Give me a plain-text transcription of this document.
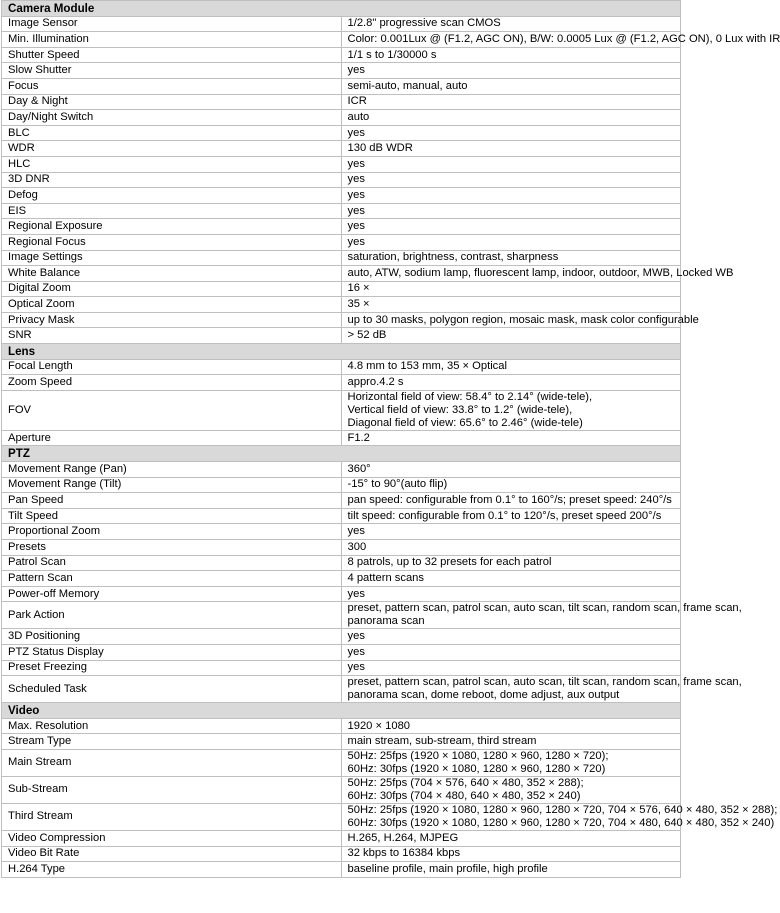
Camera Module	
Image Sensor	1/2.8" progressive scan CMOS
Min. Illumination	Color: 0.001Lux @ (F1.2, AGC ON), B/W: 0.0005 Lux @ (F1.2, AGC ON), 0 Lux with IR
Shutter Speed	1/1 s to 1/30000 s
Slow Shutter	yes
Focus	semi-auto, manual, auto
Day & Night	ICR
Day/Night Switch	auto
BLC	yes
WDR	130 dB WDR
HLC	yes
3D DNR	yes
Defog	yes
EIS	yes
Regional Exposure	yes
Regional Focus	yes
Image Settings	saturation, brightness, contrast, sharpness
White Balance	auto, ATW, sodium lamp, fluorescent lamp, indoor, outdoor, MWB, Locked WB
Digital Zoom	16 ×
Optical Zoom	35 ×
Privacy Mask	up to 30 masks, polygon region, mosaic mask, mask color configurable
SNR	> 52 dB
Lens	
Focal Length	4.8 mm to 153 mm, 35 × Optical
Zoom Speed	appro.4.2 s
FOV	Horizontal field of view: 58.4° to 2.14° (wide-tele),
Vertical field of view: 33.8° to 1.2° (wide-tele),
Diagonal field of view: 65.6° to 2.46° (wide-tele)

Aperture	F1.2
PTZ	
Movement Range (Pan)	360°
Movement Range (Tilt)	-15° to 90°(auto flip)
Pan Speed	pan speed: configurable from 0.1° to 160°/s; preset speed: 240°/s
Tilt Speed	tilt speed: configurable from 0.1° to 120°/s, preset speed 200°/s
Proportional Zoom	yes
Presets	300
Patrol Scan	8 patrols, up to 32 presets for each patrol
Pattern Scan	4 pattern scans
Power-off Memory	yes
Park Action	preset, pattern scan, patrol scan, auto scan, tilt scan, random scan, frame scan,
panorama scan

3D Positioning	yes
PTZ Status Display	yes
Preset Freezing	yes
Scheduled Task	preset, pattern scan, patrol scan, auto scan, tilt scan, random scan, frame scan,
panorama scan, dome reboot, dome adjust, aux output

Video	
Max. Resolution	1920 × 1080
Stream Type	main stream, sub-stream, third stream
Main Stream	50Hz: 25fps (1920 × 1080, 1280 × 960, 1280 × 720);
60Hz: 30fps (1920 × 1080, 1280 × 960, 1280 × 720)

Sub-Stream	50Hz: 25fps (704 × 576, 640 × 480, 352 × 288);
60Hz: 30fps (704 × 480, 640 × 480, 352 × 240)

Third Stream	50Hz: 25fps (1920 × 1080, 1280 × 960, 1280 × 720, 704 × 576, 640 × 480, 352 × 288);
60Hz: 30fps (1920 × 1080, 1280 × 960, 1280 × 720, 704 × 480, 640 × 480, 352 × 240)

Video Compression	H.265, H.264, MJPEG
Video Bit Rate	32 kbps to 16384 kbps
H.264 Type	baseline profile, main profile, high profile
